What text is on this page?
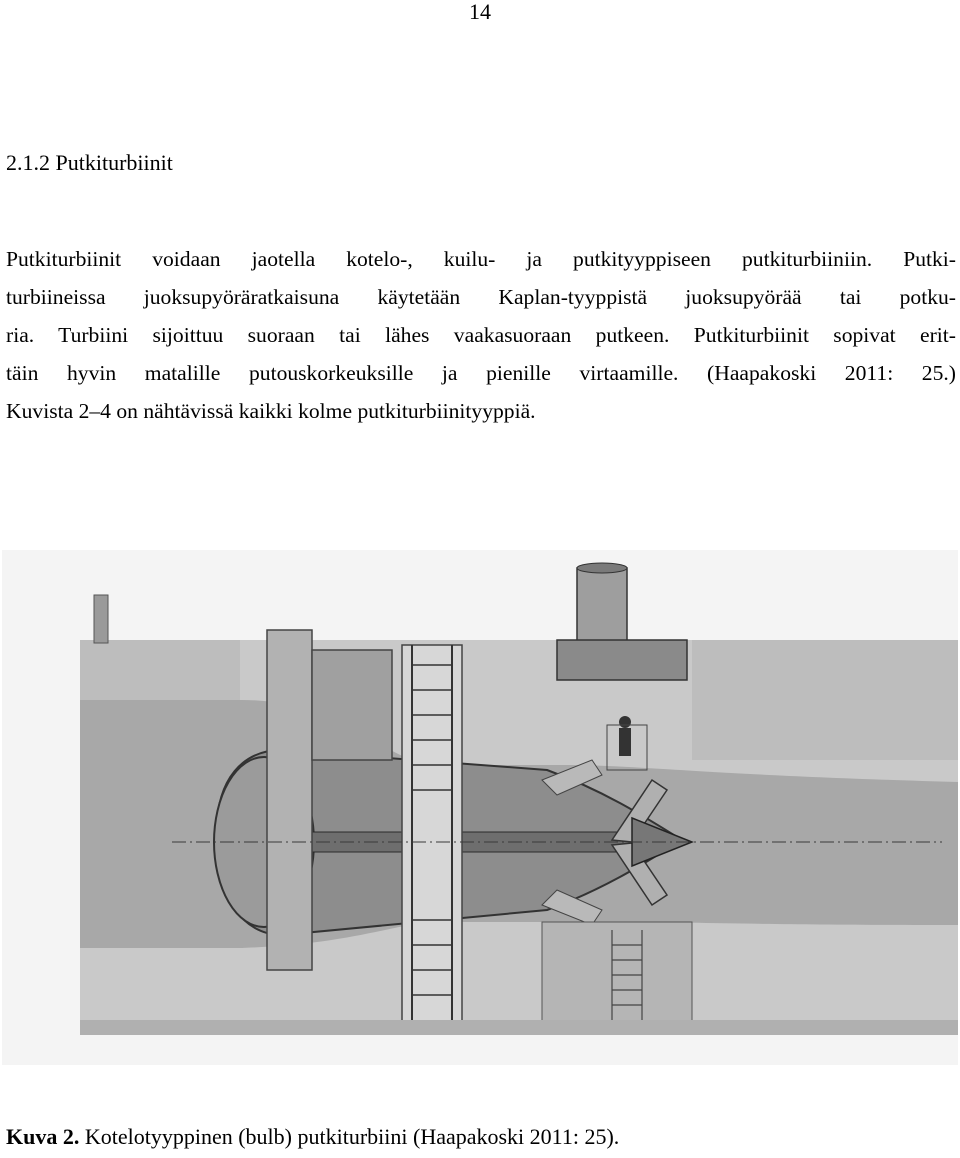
14
2.1.2 Putkiturbiinit
Putkiturbiinit voidaan jaotella kotelo-, kuilu- ja putkityyppiseen putkiturbiiniin. Putki-
turbiineissa juoksupyöräratkaisuna käytetään Kaplan-tyyppistä juoksupyörää tai potku-
ria. Turbiini sijoittuu suoraan tai lähes vaakasuoraan putkeen. Putkiturbiinit sopivat erit-
täin hyvin matalille putouskorkeuksille ja pienille virtaamille. (Haapakoski 2011: 25.)
Kuvista 2–4 on nähtävissä kaikki kolme putkiturbiinityyppiä.
Kuva 2. Kotelotyyppinen (bulb) putkiturbiini (Haapakoski 2011: 25).
